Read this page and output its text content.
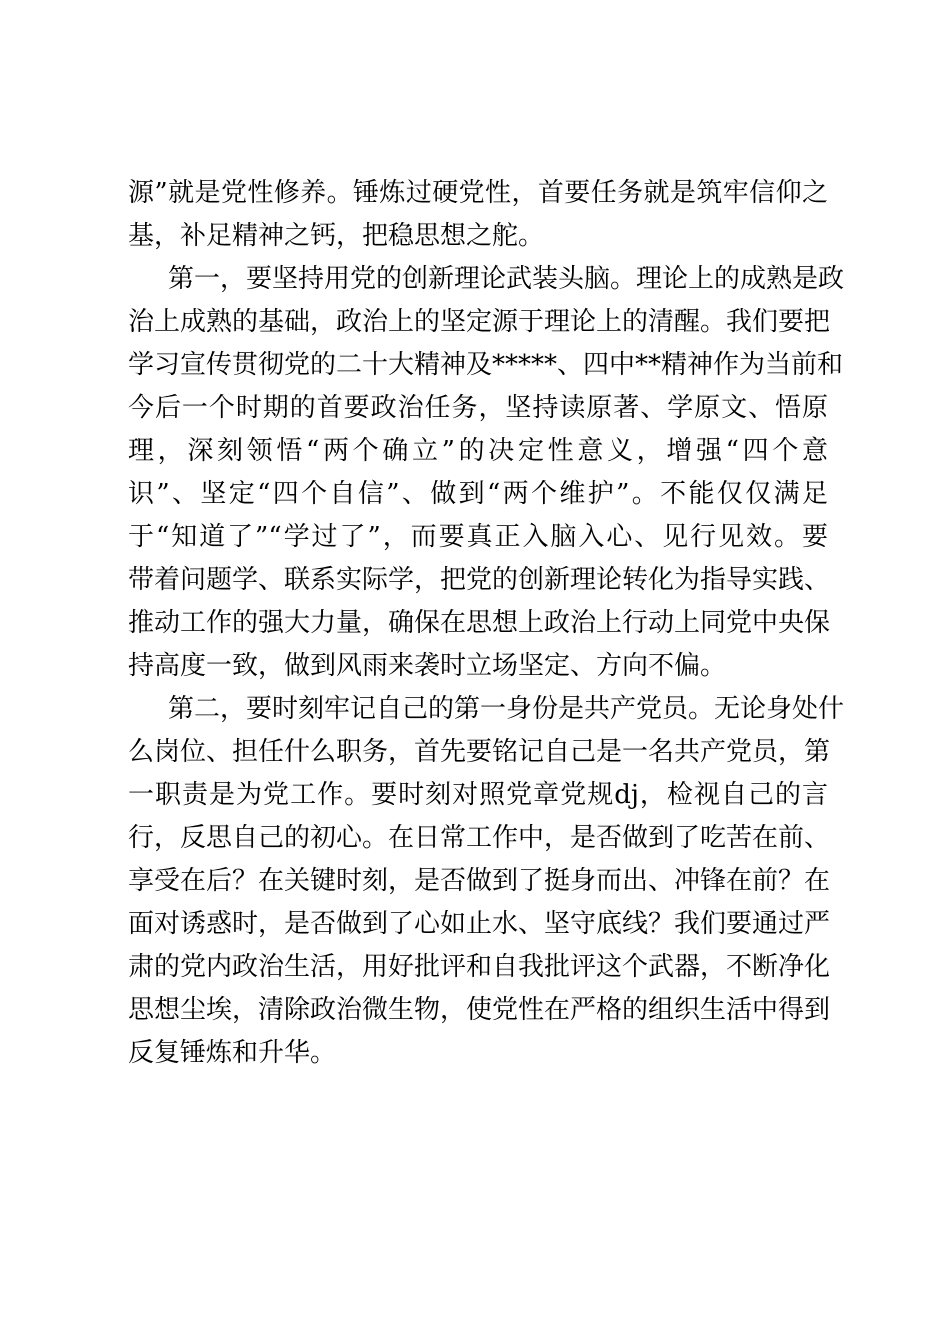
源”就是党性修养。锤炼过硬党性，首要任务就是筑牢信仰之
基，补足精神之钙，把稳思想之舵。
第一，要坚持用党的创新理论武装头脑。理论上的成熟是政
治上成熟的基础，政治上的坚定源于理论上的清醒。我们要把
学习宣传贯彻党的二十大精神及*****、四中**精神作为当前和
今后一个时期的首要政治任务，坚持读原著、学原文、悟原
理，深刻领悟“两个确立”的决定性意义，增强“四个意
识”、坚定“四个自信”、做到“两个维护”。不能仅仅满足
于“知道了”“学过了”，而要真正入脑入心、见行见效。要
带着问题学、联系实际学，把党的创新理论转化为指导实践、
推动工作的强大力量，确保在思想上政治上行动上同党中央保
持高度一致，做到风雨来袭时立场坚定、方向不偏。
第二，要时刻牢记自己的第一身份是共产党员。无论身处什
么岗位、担任什么职务，首先要铭记自己是一名共产党员，第
一职责是为党工作。要时刻对照党章党规dj，检视自己的言
行，反思自己的初心。在日常工作中，是否做到了吃苦在前、
享受在后？在关键时刻，是否做到了挺身而出、冲锋在前？在
面对诱惑时，是否做到了心如止水、坚守底线？我们要通过严
肃的党内政治生活，用好批评和自我批评这个武器，不断净化
思想尘埃，清除政治微生物，使党性在严格的组织生活中得到
反复锤炼和升华。
